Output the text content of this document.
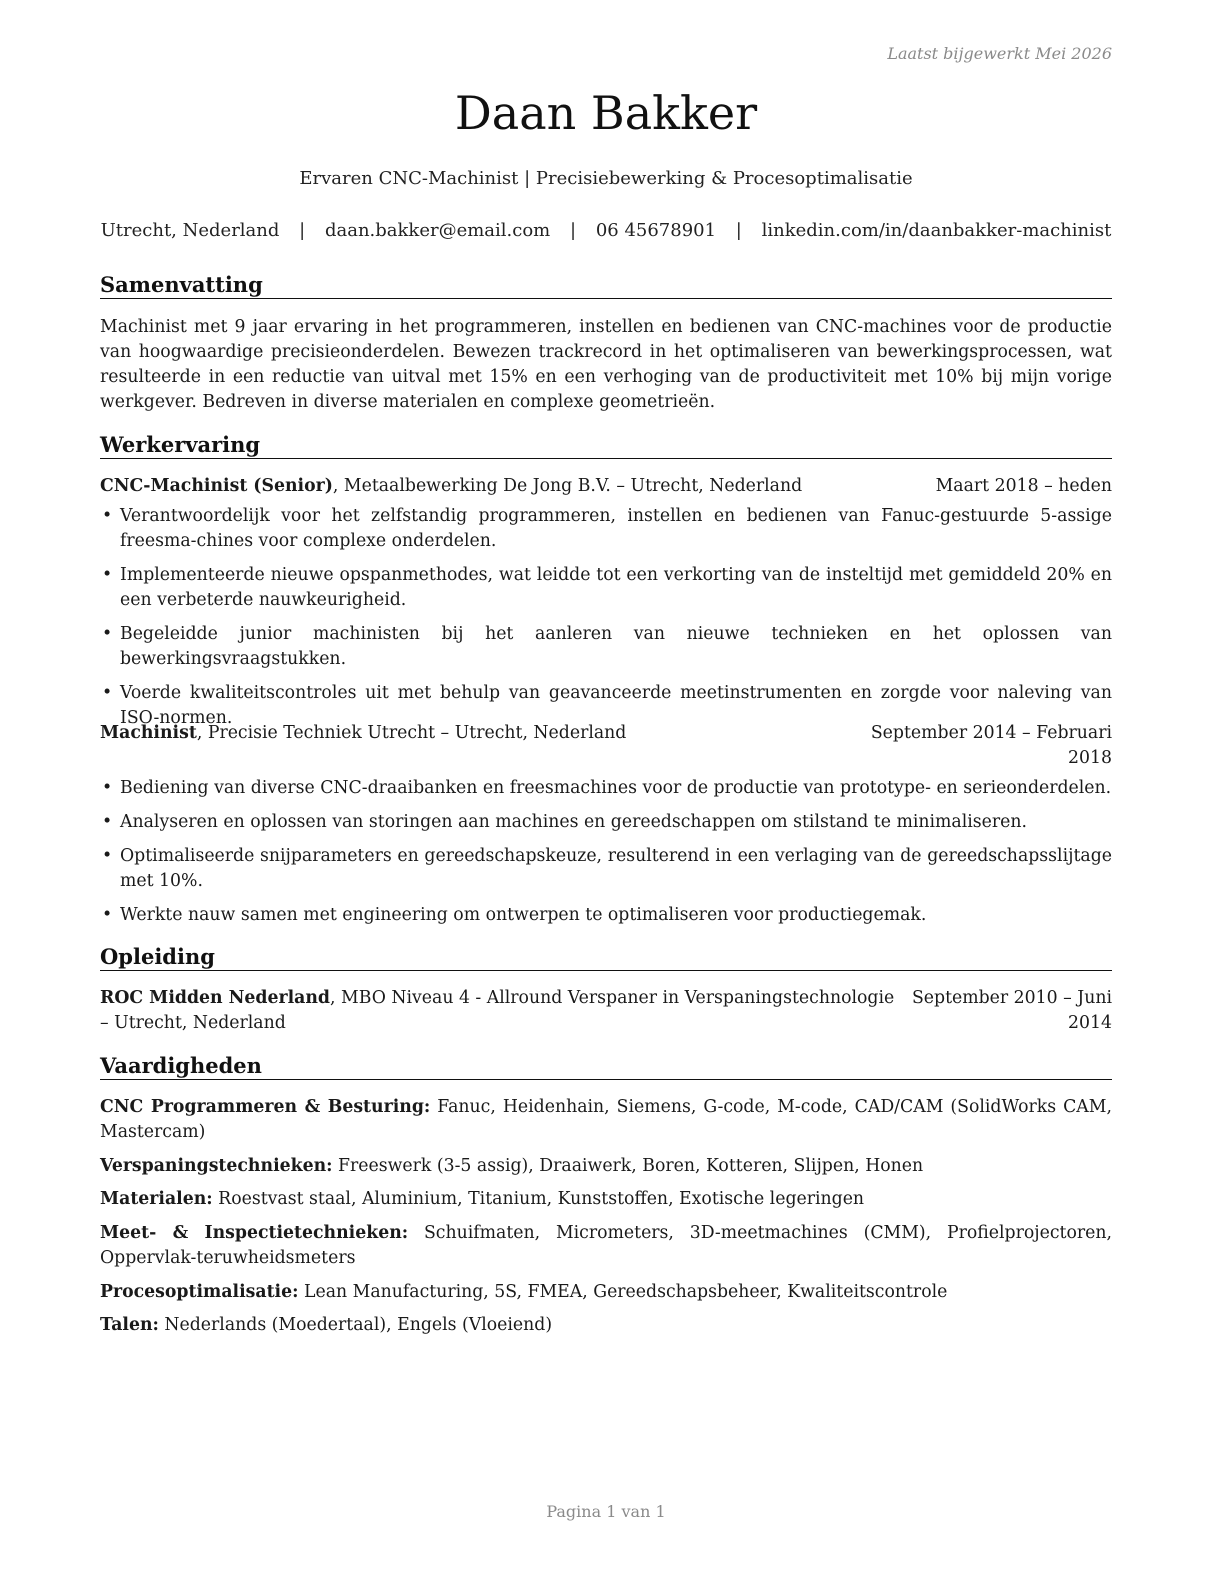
Laatst bijgewerkt Mei 2026
Daan Bakker
Ervaren CNC-Machinist | Precisiebewerking & Procesoptimalisatie
Utrecht, Nederland | daan.bakker@email.com | 06 45678901 | linkedin.com/in/daanbakker-machinist
Samenvatting
Machinist met 9 jaar ervaring in het programmeren, instellen en bedienen van CNC-machines voor de productie van hoogwaardige precisieonderdelen. Bewezen trackrecord in het optimaliseren van bewerkingsprocessen, wat resulteerde in een reductie van uitval met 15% en een verhoging van de productiviteit met 10% bij mijn vorige werkgever. Bedreven in diverse materialen en complexe geometrieën.
Werkervaring
CNC-Machinist (Senior), Metaalbewerking De Jong B.V. – Utrecht, Nederland	Maart 2018 – heden
• Verantwoordelijk voor het zelfstandig programmeren, instellen en bedienen van Fanuc-gestuurde 5-assige freesma-chines voor complexe onderdelen.
• Implementeerde nieuwe opspanmethodes, wat leidde tot een verkorting van de insteltijd met gemiddeld 20% en een verbeterde nauwkeurigheid.
• Begeleidde junior machinisten bij het aanleren van nieuwe technieken en het oplossen van bewerkingsvraagstukken.
• Voerde kwaliteitscontroles uit met behulp van geavanceerde meetinstrumenten en zorgde voor naleving van ISO-normen.
Machinist, Precisie Techniek Utrecht – Utrecht, Nederland	September 2014 – Februari
2018
• Bediening van diverse CNC-draaibanken en freesmachines voor de productie van prototype- en serieonderdelen.
• Analyseren en oplossen van storingen aan machines en gereedschappen om stilstand te minimaliseren.
• Optimaliseerde snijparameters en gereedschapskeuze, resulterend in een verlaging van de gereedschapsslijtage met 10%.
• Werkte nauw samen met engineering om ontwerpen te optimaliseren voor productiegemak.
Opleiding
ROC Midden Nederland, MBO Niveau 4 - Allround Verspaner in Verspaningstechnologie
– Utrecht, Nederland
September 2010 – Juni
2014
Vaardigheden
CNC Programmeren & Besturing: Fanuc, Heidenhain, Siemens, G-code, M-code, CAD/CAM (SolidWorks CAM, Mastercam)
Verspaningstechnieken: Freeswerk (3-5 assig), Draaiwerk, Boren, Kotteren, Slijpen, Honen
Materialen: Roestvast staal, Aluminium, Titanium, Kunststoffen, Exotische legeringen
Meet- & Inspectietechnieken: Schuifmaten, Micrometers, 3D-meetmachines (CMM), Profielprojectoren, Oppervlak-teruwheidsmeters
Procesoptimalisatie: Lean Manufacturing, 5S, FMEA, Gereedschapsbeheer, Kwaliteitscontrole
Talen: Nederlands (Moedertaal), Engels (Vloeiend)
Pagina 1 van 1
